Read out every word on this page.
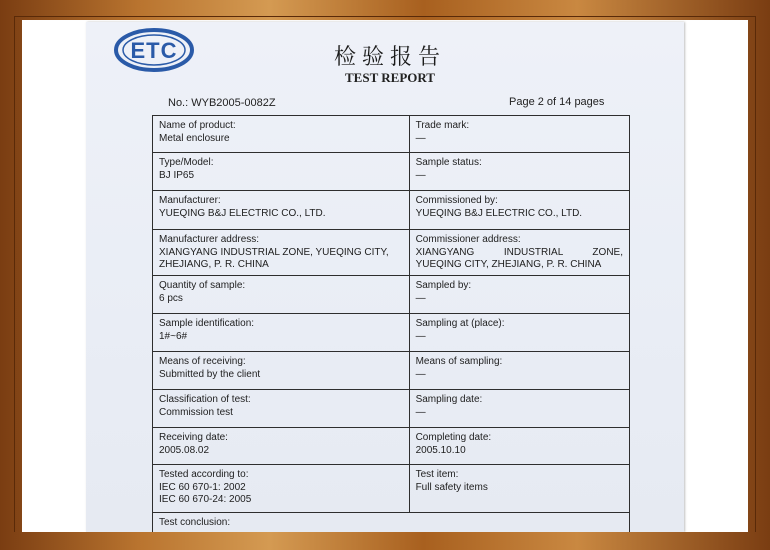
ETC	检验报告
TEST REPORT
No.: WYB2005-0082Z	Page 2 of 14 pages
Name of product:
Metal enclosure	Trade mark:
—

Type/Model:
BJ IP65	Sample status:
—

Manufacturer:
YUEQING B&J ELECTRIC CO., LTD.	Commissioned by:
YUEQING B&J ELECTRIC CO., LTD.

Manufacturer address:
XIANGYANG INDUSTRIAL ZONE, YUEQING CITY,
ZHEJIANG, P. R. CHINA	Commissioner address:
XIANGYANG INDUSTRIAL ZONE,
YUEQING CITY, ZHEJIANG, P. R. CHINA

Quantity of sample:
6 pcs	Sampled by:
—

Sample identification:
1#~6#	Sampling at (place):
—

Means of receiving:
Submitted by the client	Means of sampling:
—

Classification of test:
Commission test	Sampling date:
—

Receiving date:
2005.08.02	Completing date:
2005.10.10

Tested according to:
IEC 60 670-1: 2002
IEC 60 670-24: 2005	Test item:
Full safety items

Test conclusion:	
